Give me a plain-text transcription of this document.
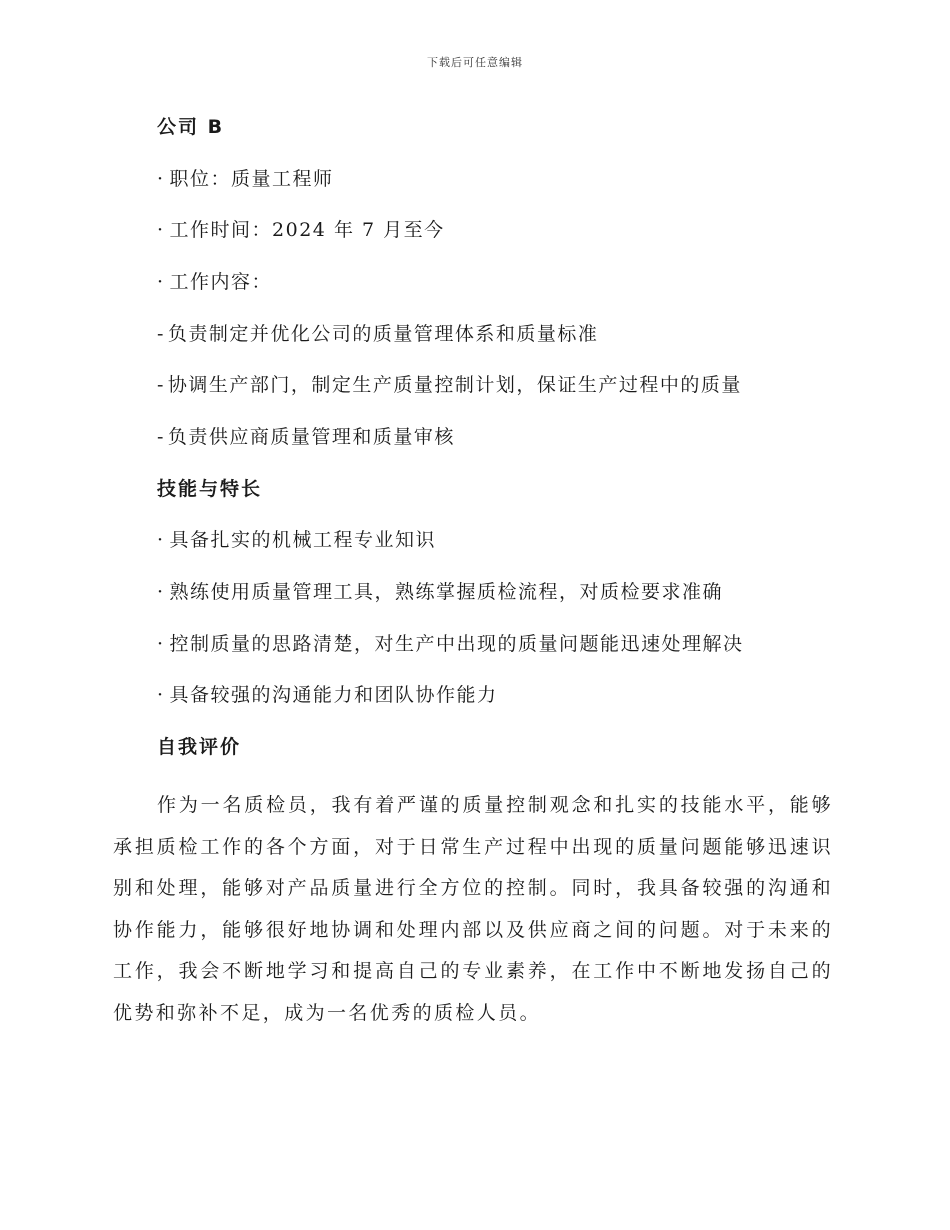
下载后可任意编辑
公司 B
· 职位：质量工程师
· 工作时间：2024 年 7 月至今
· 工作内容：
- 负责制定并优化公司的质量管理体系和质量标准
- 协调生产部门，制定生产质量控制计划，保证生产过程中的质量
- 负责供应商质量管理和质量审核
技能与特长
· 具备扎实的机械工程专业知识
· 熟练使用质量管理工具，熟练掌握质检流程，对质检要求准确
· 控制质量的思路清楚，对生产中出现的质量问题能迅速处理解决
· 具备较强的沟通能力和团队协作能力
自我评价

作为一名质检员，我有着严谨的质量控制观念和扎实的技能水平，能够承担质检工作的各个方面，对于日常生产过程中出现的质量问题能够迅速识别和处理，能够对产品质量进行全方位的控制。同时，我具备较强的沟通和协作能力，能够很好地协调和处理内部以及供应商之间的问题。对于未来的工作，我会不断地学习和提高自己的专业素养，在工作中不断地发扬自己的优势和弥补不足，成为一名优秀的质检人员。
